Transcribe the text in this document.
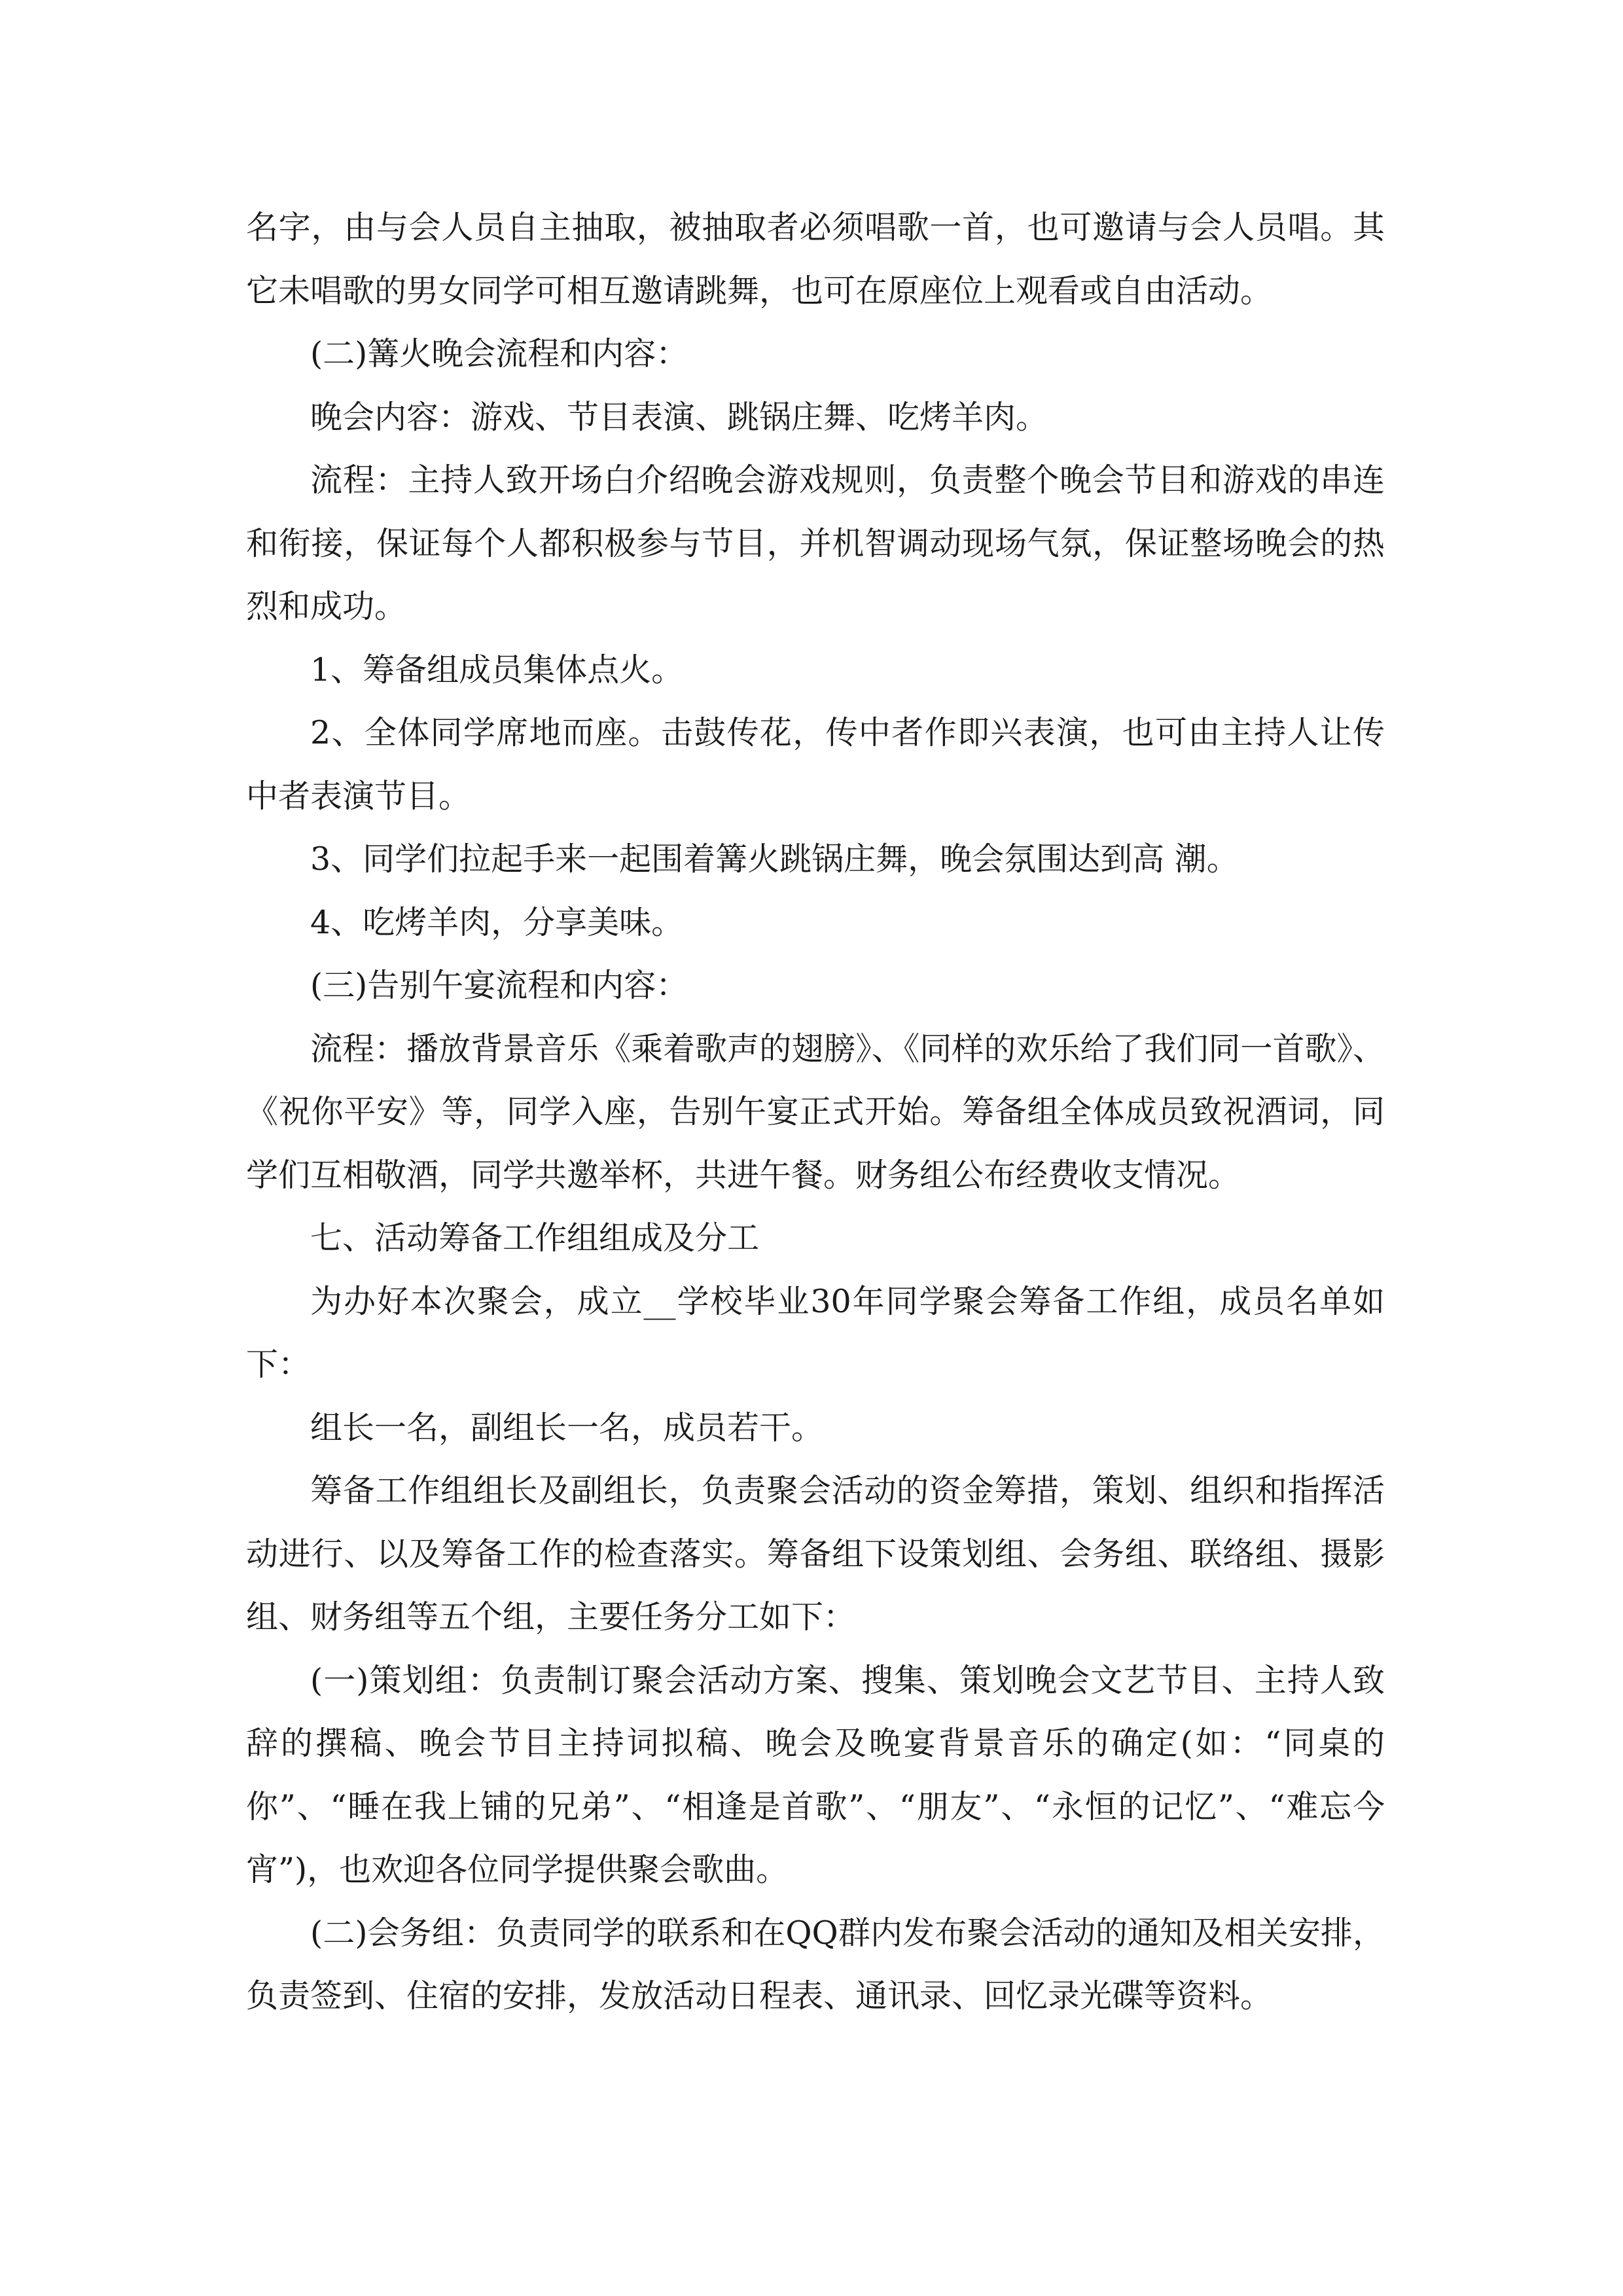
名字，由与会人员自主抽取，被抽取者必须唱歌一首，也可邀请与会人员唱。其它未唱歌的男女同学可相互邀请跳舞，也可在原座位上观看或自由活动。

(二)篝火晚会流程和内容：

晚会内容：游戏、节目表演、跳锅庄舞、吃烤羊肉。

流程：主持人致开场白介绍晚会游戏规则，负责整个晚会节目和游戏的串连和衔接，保证每个人都积极参与节目，并机智调动现场气氛，保证整场晚会的热烈和成功。

1、筹备组成员集体点火。

2、全体同学席地而座。击鼓传花，传中者作即兴表演，也可由主持人让传中者表演节目。

3、同学们拉起手来一起围着篝火跳锅庄舞，晚会氛围达到高 潮。

4、吃烤羊肉，分享美味。

(三)告别午宴流程和内容：

流程：播放背景音乐《乘着歌声的翅膀》、《同样的欢乐给了我们同一首歌》、《祝你平安》等，同学入座，告别午宴正式开始。筹备组全体成员致祝酒词，同学们互相敬酒，同学共邀举杯，共进午餐。财务组公布经费收支情况。

七、活动筹备工作组组成及分工

为办好本次聚会，成立__学校毕业30年同学聚会筹备工作组，成员名单如下：

组长一名，副组长一名，成员若干。

筹备工作组组长及副组长，负责聚会活动的资金筹措，策划、组织和指挥活动进行、以及筹备工作的检查落实。筹备组下设策划组、会务组、联络组、摄影组、财务组等五个组，主要任务分工如下：

(一)策划组：负责制订聚会活动方案、搜集、策划晚会文艺节目、主持人致辞的撰稿、晚会节目主持词拟稿、晚会及晚宴背景音乐的确定(如：“同桌的你”、“睡在我上铺的兄弟”、“相逢是首歌”、“朋友”、“永恒的记忆”、“难忘今宵”)，也欢迎各位同学提供聚会歌曲。

(二)会务组：负责同学的联系和在QQ群内发布聚会活动的通知及相关安排，负责签到、住宿的安排，发放活动日程表、通讯录、回忆录光碟等资料。
